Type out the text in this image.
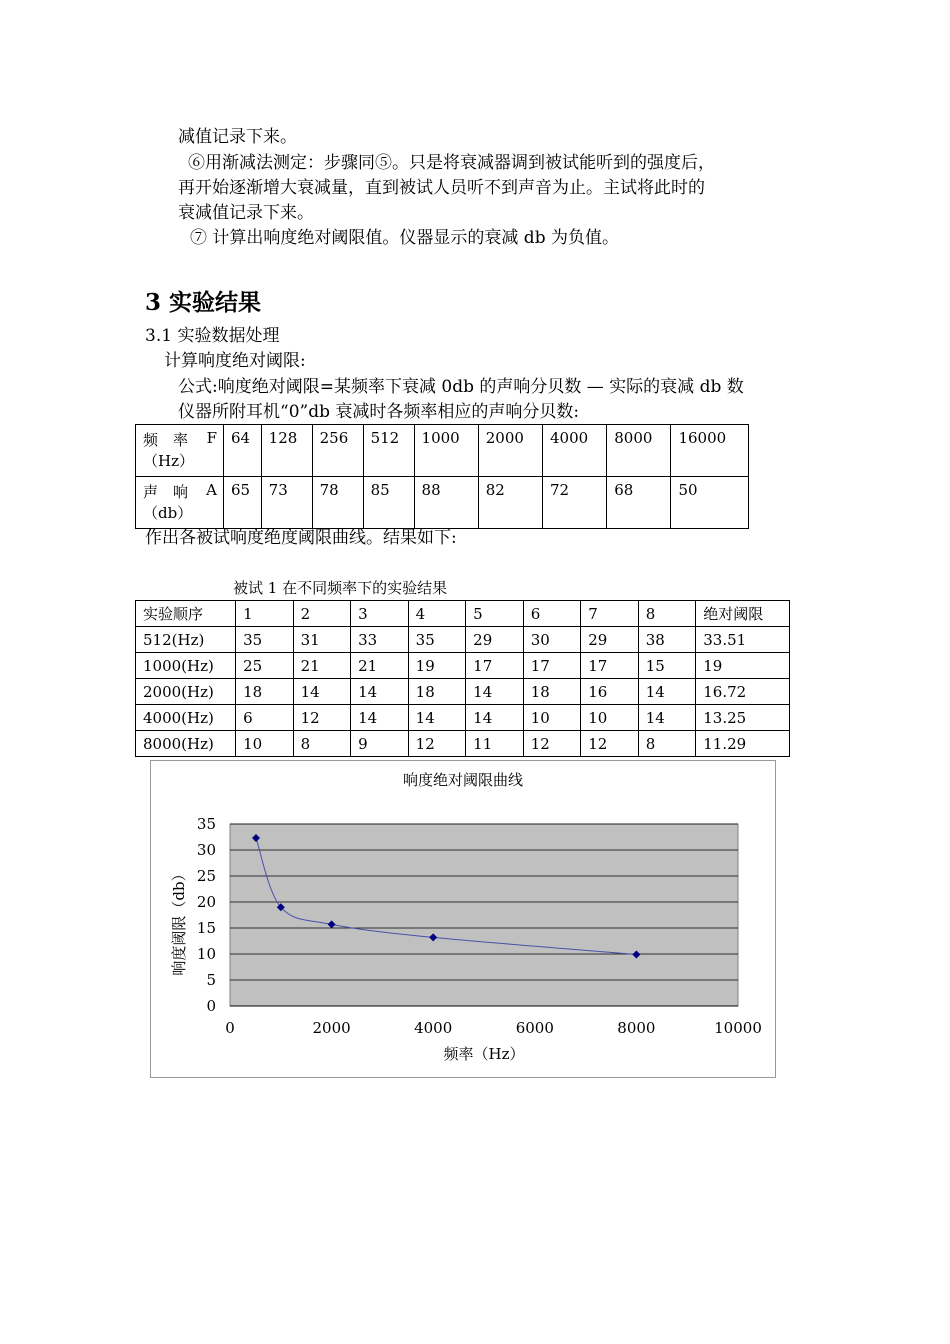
减值记录下来。
⑥用渐减法测定：步骤同⑤。只是将衰减器调到被试能听到的强度后，
再开始逐渐增大衰减量，直到被试人员听不到声音为止。主试将此时的
衰减值记录下来。
⑦ 计算出响度绝对阈限值。仪器显示的衰减 db 为负值。
3 实验结果
3.1 实验数据处理
计算响度绝对阈限:
公式:响度绝对阈限=某频率下衰减 0db 的声响分贝数 — 实际的衰减 db 数
仪器所附耳机“0”db 衰减时各频率相应的声响分贝数:
频　率 F
（Hz）	64	128	256	512	1000	2000	4000	8000	16000

声　响 A
（db）	65	73	78	85	88	82	72	68	50
作出各被试响度绝度阈限曲线。结果如下:
被试 1 在不同频率下的实验结果
实验顺序	1	2	3	4	5	6	7	8	绝对阈限
512(Hz)	35	31	33	35	29	30	29	38	33.51
1000(Hz)	25	21	21	19	17	17	17	15	19
2000(Hz)	18	14	14	18	14	18	16	14	16.72
4000(Hz)	6	12	14	14	14	10	10	14	13.25
8000(Hz)	10	8	9	12	11	12	12	8	11.29
响度绝对阈限曲线
0
5
10
15
20
25
30
35
0	2000	4000	6000	8000	10000
频率（Hz）
响度阈限（db）
